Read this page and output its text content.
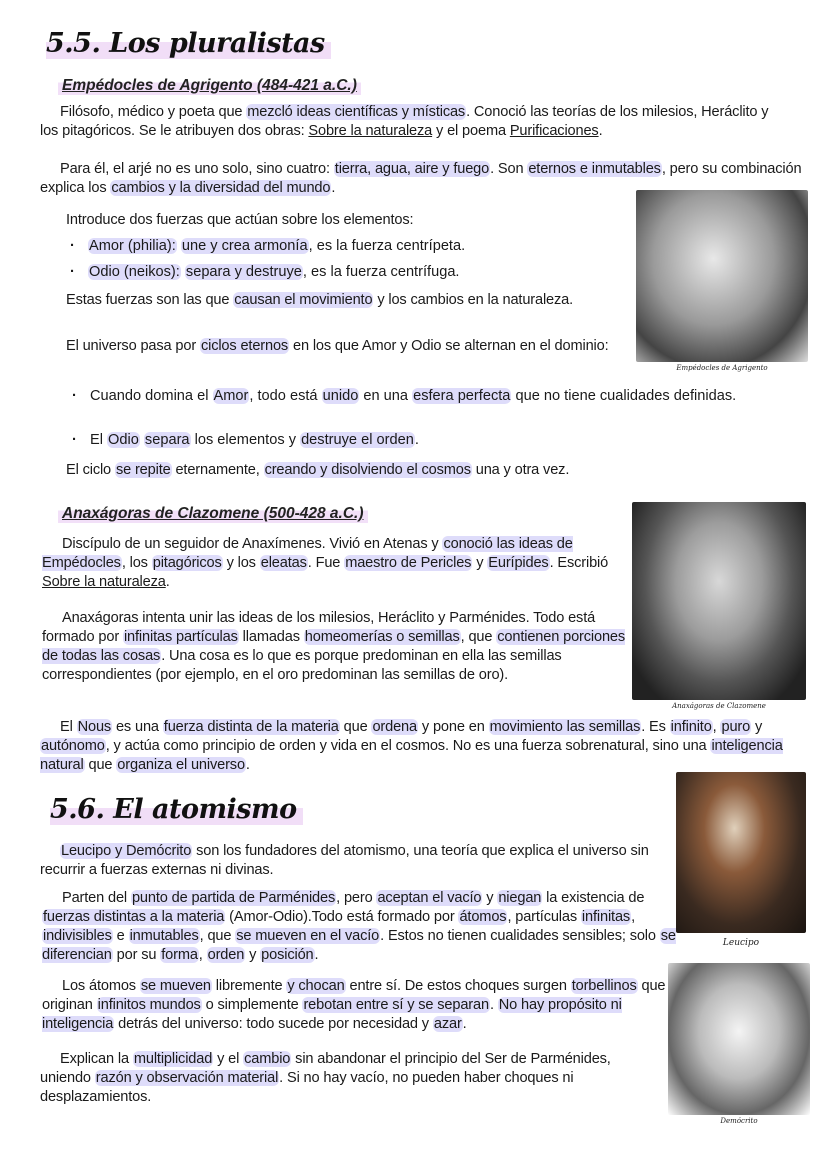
5.5. Los pluralistas
Empédocles de Agrigento (484-421 a.C.)

Filósofo, médico y poeta que mezcló ideas científicas y místicas. Conoció las teorías de los milesios, Heráclito y los pitagóricos. Se le atribuyen dos obras: Sobre la naturaleza y el poema Purificaciones.

Para él, el arjé no es uno solo, sino cuatro: tierra, agua, aire y fuego. Son eternos e inmutables, pero su combinación explica los cambios y la diversidad del mundo.

Introduce dos fuerzas que actúan sobre los elementos:

· Amor (philia): une y crea armonía, es la fuerza centrípeta.
· Odio (neikos): separa y destruye, es la fuerza centrífuga.

Estas fuerzas son las que causan el movimiento y los cambios en la naturaleza.

El universo pasa por ciclos eternos en los que Amor y Odio se alternan en el dominio:

· Cuando domina el Amor, todo está unido en una esfera perfecta que no tiene cualidades definidas.
· El Odio separa los elementos y destruye el orden.

El ciclo se repite eternamente, creando y disolviendo el cosmos una y otra vez.

Empédocles de Agrigento
Anaxágoras de Clazomene (500-428 a.C.)

Discípulo de un seguidor de Anaxímenes. Vivió en Atenas y conoció las ideas de Empédocles, los pitagóricos y los eleatas. Fue maestro de Pericles y Eurípides. Escribió Sobre la naturaleza.

Anaxágoras intenta unir las ideas de los milesios, Heráclito y Parménides. Todo está formado por infinitas partículas llamadas homeomerías o semillas, que contienen porciones de todas las cosas. Una cosa es lo que es porque predominan en ella las semillas correspondientes (por ejemplo, en el oro predominan las semillas de oro).

El Nous es una fuerza distinta de la materia que ordena y pone en movimiento las semillas. Es infinito, puro y autónomo, y actúa como principio de orden y vida en el cosmos. No es una fuerza sobrenatural, sino una inteligencia natural que organiza el universo.

Anaxágoras de Clazomene
5.6. El atomismo

Leucipo y Demócrito son los fundadores del atomismo, una teoría que explica el universo sin recurrir a fuerzas externas ni divinas.

Parten del punto de partida de Parménides, pero aceptan el vacío y niegan la existencia de fuerzas distintas a la materia (Amor-Odio).Todo está formado por átomos, partículas infinitas, indivisibles e inmutables, que se mueven en el vacío. Estos no tienen cualidades sensibles; solo se diferencian por su forma, orden y posición.

Los átomos se mueven libremente y chocan entre sí. De estos choques surgen torbellinos que originan infinitos mundos o simplemente rebotan entre sí y se separan. No hay propósito ni inteligencia detrás del universo: todo sucede por necesidad y azar.

Explican la multiplicidad y el cambio sin abandonar el principio del Ser de Parménides, uniendo razón y observación material. Si no hay vacío, no pueden haber choques ni desplazamientos.

Leucipo
Demócrito
